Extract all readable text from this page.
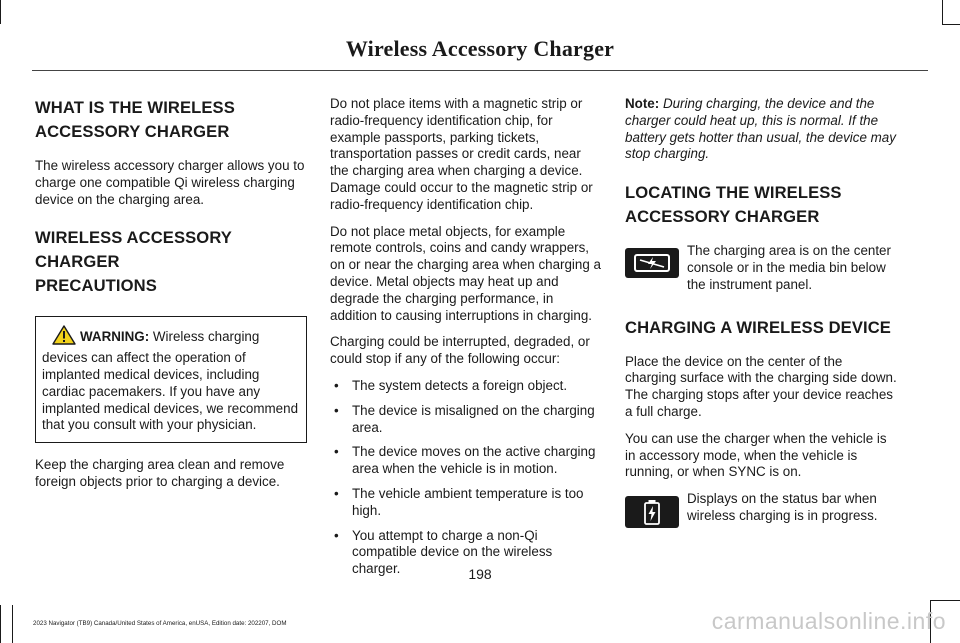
Wireless Accessory Charger
WHAT IS THE WIRELESS
ACCESSORY CHARGER

The wireless accessory charger allows you to charge one compatible Qi wireless charging device on the charging area.

WIRELESS ACCESSORY CHARGER
PRECAUTIONS
WARNING: Wireless charging devices can affect the operation of implanted medical devices, including cardiac pacemakers. If you have any implanted medical devices, we recommend that you consult with your physician.

Keep the charging area clean and remove foreign objects prior to charging a device.

Do not place items with a magnetic strip or radio-frequency identification chip, for example passports, parking tickets, transportation passes or credit cards, near the charging area when charging a device. Damage could occur to the magnetic strip or radio-frequency identification chip.

Do not place metal objects, for example remote controls, coins and candy wrappers, on or near the charging area when charging a device. Metal objects may heat up and degrade the charging performance, in addition to causing interruptions in charging.

Charging could be interrupted, degraded, or could stop if any of the following occur:

• The system detects a foreign object.
• The device is misaligned on the charging area.
• The device moves on the active charging area when the vehicle is in motion.
• The vehicle ambient temperature is too high.
• You attempt to charge a non-Qi compatible device on the wireless charger.

Note: During charging, the device and the charger could heat up, this is normal. If the battery gets hotter than usual, the device may stop charging.

LOCATING THE WIRELESS
ACCESSORY CHARGER
The charging area is on the center console or in the media bin below the instrument panel.
CHARGING A WIRELESS DEVICE

Place the device on the center of the charging surface with the charging side down. The charging stops after your device reaches a full charge.

You can use the charger when the vehicle is in accessory mode, when the vehicle is running, or when SYNC is on.

Displays on the status bar when wireless charging is in progress.
198
2023 Navigator (TB9) Canada/United States of America, enUSA, Edition date: 202207, DOM	carmanualsonline.info
